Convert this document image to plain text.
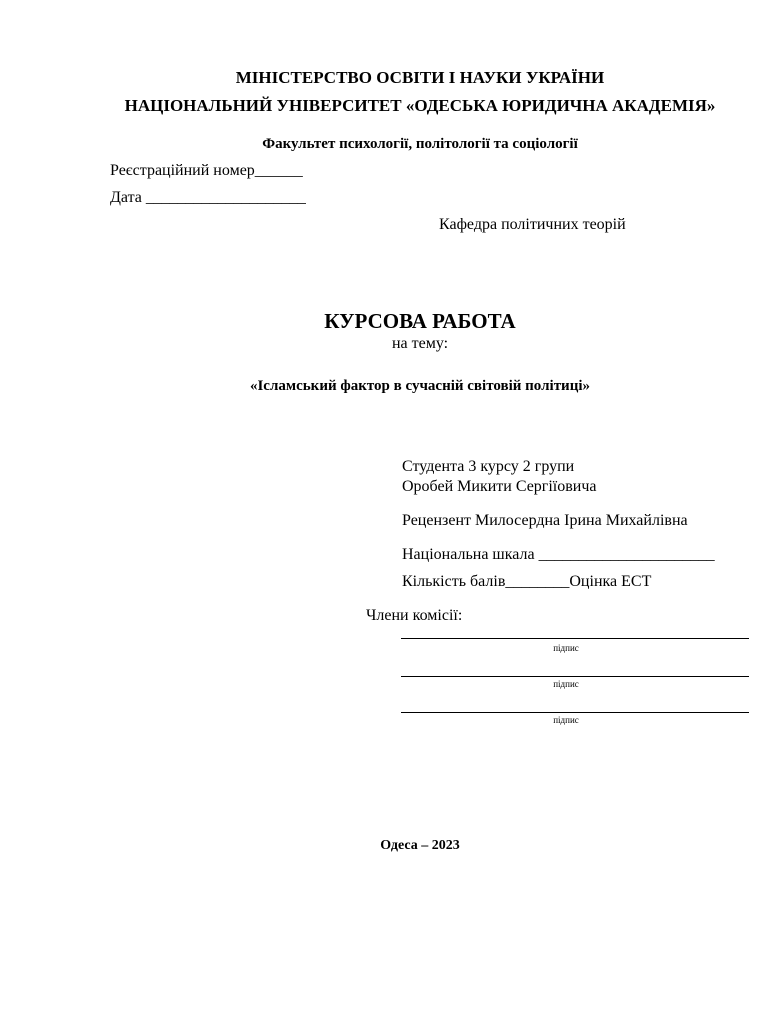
МІНІСТЕРСТВО ОСВІТИ І НАУКИ УКРАЇНИ
НАЦІОНАЛЬНИЙ УНІВЕРСИТЕТ «ОДЕСЬКА ЮРИДИЧНА АКАДЕМІЯ»
Факультет психології, політології та соціології
Реєстраційний номер______
Дата ____________________
Кафедра політичних теорій
КУРСОВА РАБОТА
на тему:
«Ісламський фактор в сучасній світовій політиці»
Студента 3 курсу 2 групи
Оробей Микити Сергіїовича
Рецензент Милосердна Ірина Михайлівна
Національна шкала ______________________
Кількість балів________Оцінка ЕСТ
Члени комісії:
підпис
підпис
підпис
Одеса – 2023
